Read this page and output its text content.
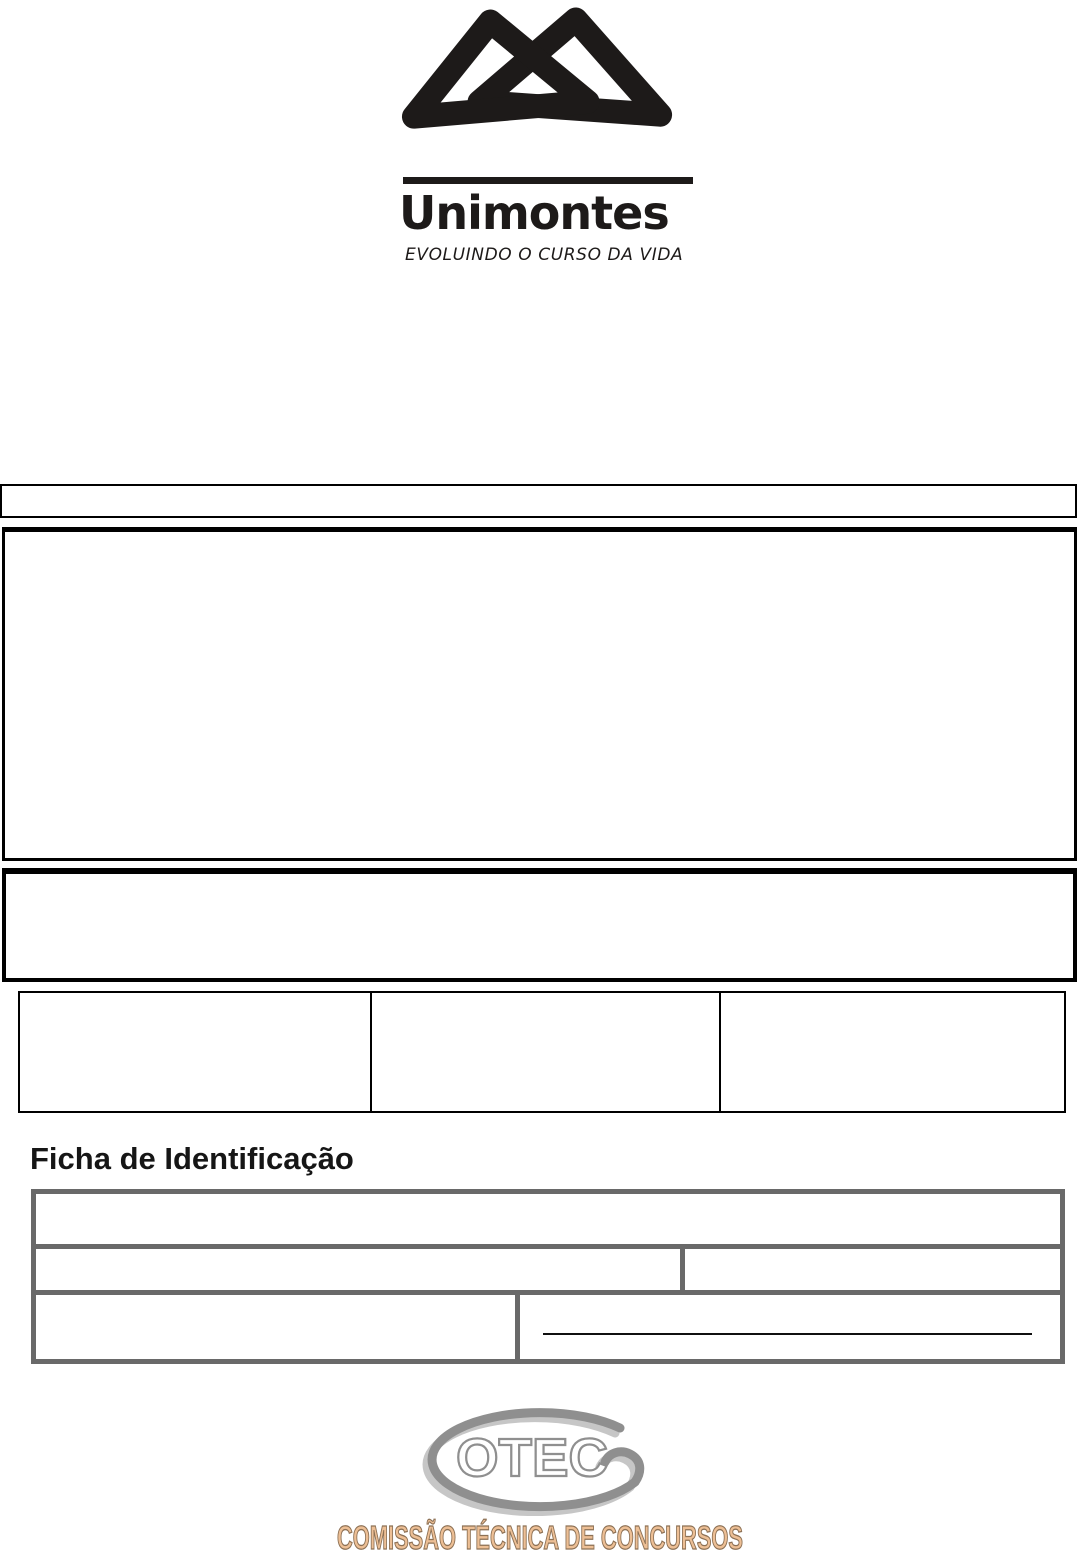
Unimontes
EVOLUINDO O CURSO DA VIDA
Ficha de Identificação
OTEC
COMISSÃO TÉCNICA DE CONCURSOS
